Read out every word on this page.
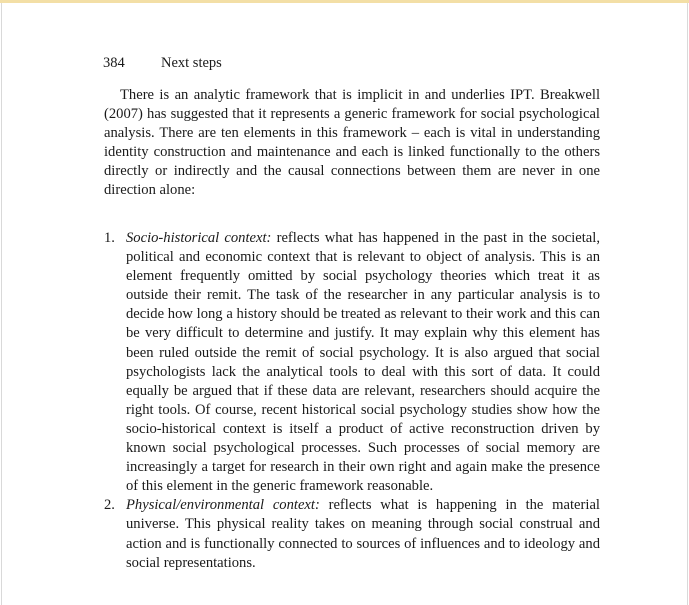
384	Next steps

There is an analytic framework that is implicit in and underlies IPT. Breakwell (2007) has suggested that it represents a generic framework for social psychological analysis. There are ten elements in this framework – each is vital in understanding identity construction and maintenance and each is linked functionally to the others directly or indirectly and the causal connections between them are never in one direction alone:

1. Socio-historical context: reflects what has happened in the past in the societal, political and economic context that is relevant to object of analysis. This is an element frequently omitted by social psychology theories which treat it as outside their remit. The task of the researcher in any particular analysis is to decide how long a history should be treated as relevant to their work and this can be very difficult to determine and justify. It may explain why this element has been ruled outside the remit of social psychology. It is also argued that social psychologists lack the analytical tools to deal with this sort of data. It could equally be argued that if these data are relevant, researchers should acquire the right tools. Of course, recent historical social psychology studies show how the socio-historical context is itself a product of active reconstruction driven by known social psychological processes. Such processes of social memory are increasingly a target for research in their own right and again make the presence of this element in the generic framework reasonable.
2. Physical/environmental context: reflects what is happening in the material universe. This physical reality takes on meaning through social construal and action and is functionally connected to sources of influences and to ideology and social representations.
